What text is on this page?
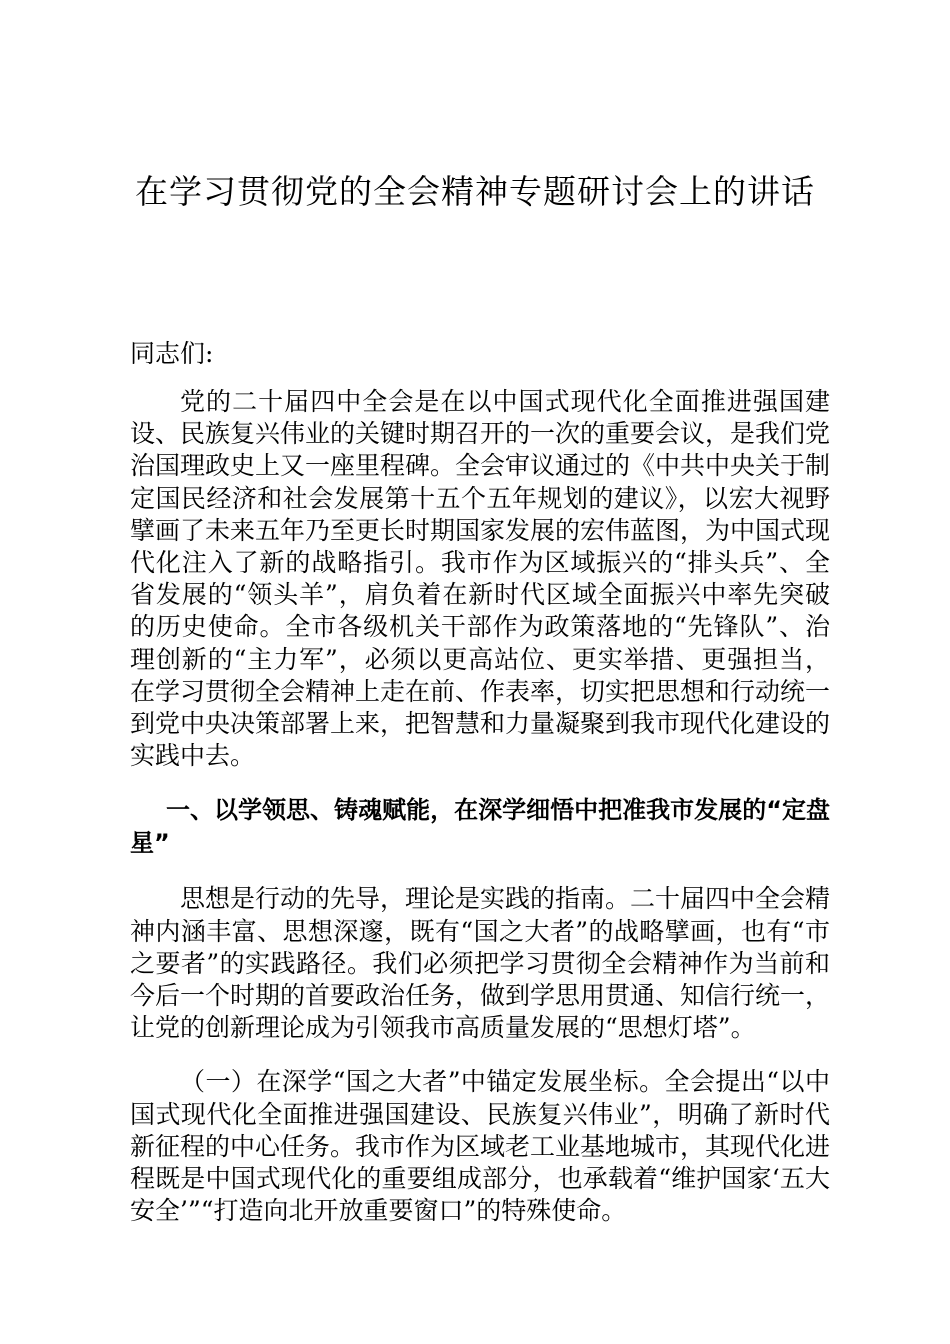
在学习贯彻党的全会精神专题研讨会上的讲话

同志们:

党的二十届四中全会是在以中国式现代化全面推进强国建设、民族复兴伟业的关键时期召开的一次的重要会议，是我们党治国理政史上又一座里程碑。全会审议通过的《中共中央关于制定国民经济和社会发展第十五个五年规划的建议》，以宏大视野擘画了未来五年乃至更长时期国家发展的宏伟蓝图，为中国式现代化注入了新的战略指引。我市作为区域振兴的“排头兵”、全省发展的“领头羊”，肩负着在新时代区域全面振兴中率先突破的历史使命。全市各级机关干部作为政策落地的“先锋队”、治理创新的“主力军”，必须以更高站位、更实举措、更强担当，在学习贯彻全会精神上走在前、作表率，切实把思想和行动统一到党中央决策部署上来，把智慧和力量凝聚到我市现代化建设的实践中去。

一、以学领思、铸魂赋能，在深学细悟中把准我市发展的“定盘星”

思想是行动的先导，理论是实践的指南。二十届四中全会精神内涵丰富、思想深邃，既有“国之大者”的战略擘画，也有“市之要者”的实践路径。我们必须把学习贯彻全会精神作为当前和今后一个时期的首要政治任务，做到学思用贯通、知信行统一，让党的创新理论成为引领我市高质量发展的“思想灯塔”。

（一）在深学“国之大者”中锚定发展坐标。全会提出“以中国式现代化全面推进强国建设、民族复兴伟业”，明确了新时代新征程的中心任务。我市作为区域老工业基地城市，其现代化进程既是中国式现代化的重要组成部分，也承载着“维护国家‘五大安全’”“打造向北开放重要窗口”的特殊使命。
